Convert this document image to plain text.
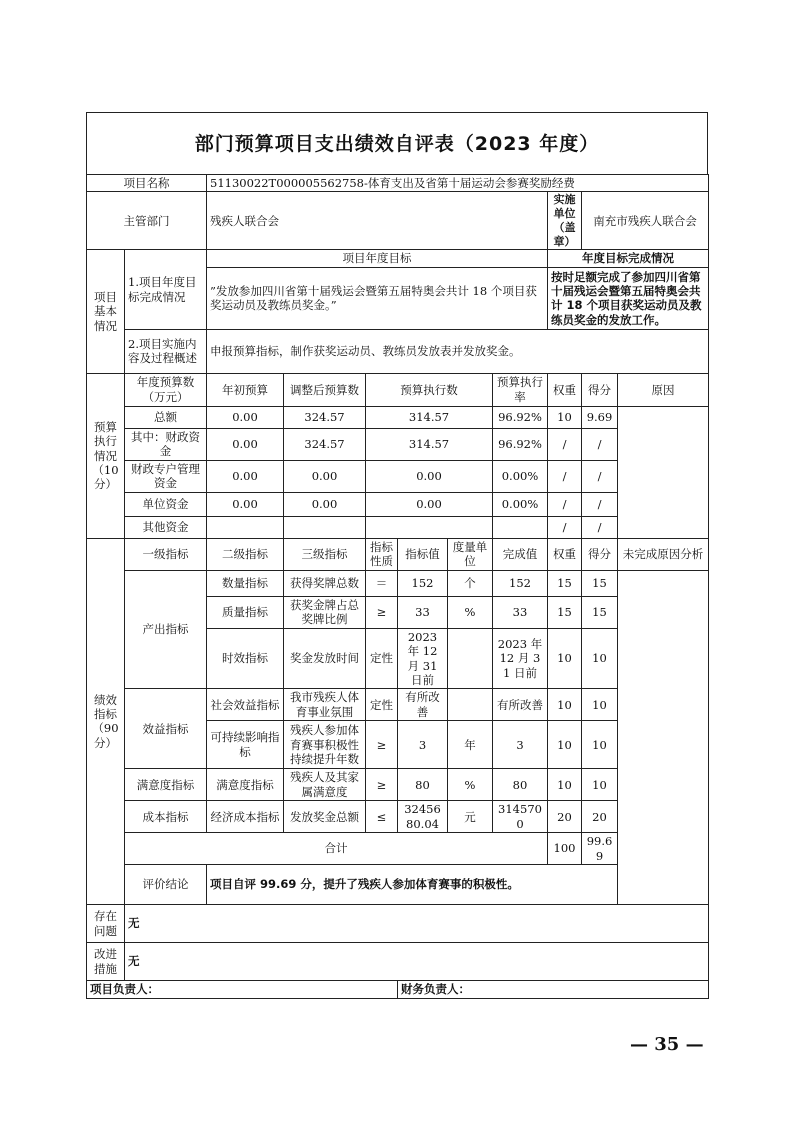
部门预算项目支出绩效自评表（2023 年度）
项目名称		51130022T000005562758-体育支出及省第十届运动会参赛奖励经费								
主管部门		残疾人联合会						实施单位（盖章）	南充市残疾人联合会	
项目基本情况	1.项目年度目标完成情况	项目年度目标						年度目标完成情况		
		”发放参加四川省第十届残运会暨第五届特奥会共计 18 个项目获奖运动员及教练员奖金。”						按时足额完成了参加四川省第十届残运会暨第五届特奥会共计 18 个项目获奖运动员及教练员奖金的发放工作。		
	2.项目实施内容及过程概述	申报预算指标，制作获奖运动员、教练员发放表并发放奖金。								
预算执行情况（10分）	年度预算数（万元）	年初预算	调整后预算数	预算执行数			预算执行率	权重	得分	原因
	总额	0.00	324.57	314.57			96.92%	10	9.69	
	其中：财政资金	0.00	324.57	314.57			96.92%	/	/	
	财政专户管理资金	0.00	0.00	0.00			0.00%	/	/	
	单位资金	0.00	0.00	0.00			0.00%	/	/	
	其他资金							/	/	
绩效指标（90分）	一级指标	二级指标	三级指标	指标性质	指标值	度量单位	完成值	权重	得分	未完成原因分析
	产出指标	数量指标	获得奖牌总数	＝	152	个	152	15	15	
		质量指标	获奖金牌占总奖牌比例	≥	33	%	33	15	15	
		时效指标	奖金发放时间	定性	2023 年 12 月 31 日前		2023 年 12 月 31 日前	10	10	
	效益指标	社会效益指标	我市残疾人体育事业氛围	定性	有所改善		有所改善	10	10	
		可持续影响指标	残疾人参加体育赛事积极性持续提升年数	≥	3	年	3	10	10	
	满意度指标	满意度指标	残疾人及其家属满意度	≥	80	%	80	10	10	
	成本指标	经济成本指标	发放奖金总额	≤	3245680.04	元	3145700	20	20	
	合计							100	99.69	
	评价结论	项目自评 99.69 分，提升了残疾人参加体育赛事的积极性。								
存在问题	无									
改进措施	无									
项目负责人：					财务负责人：					
— 35 —
